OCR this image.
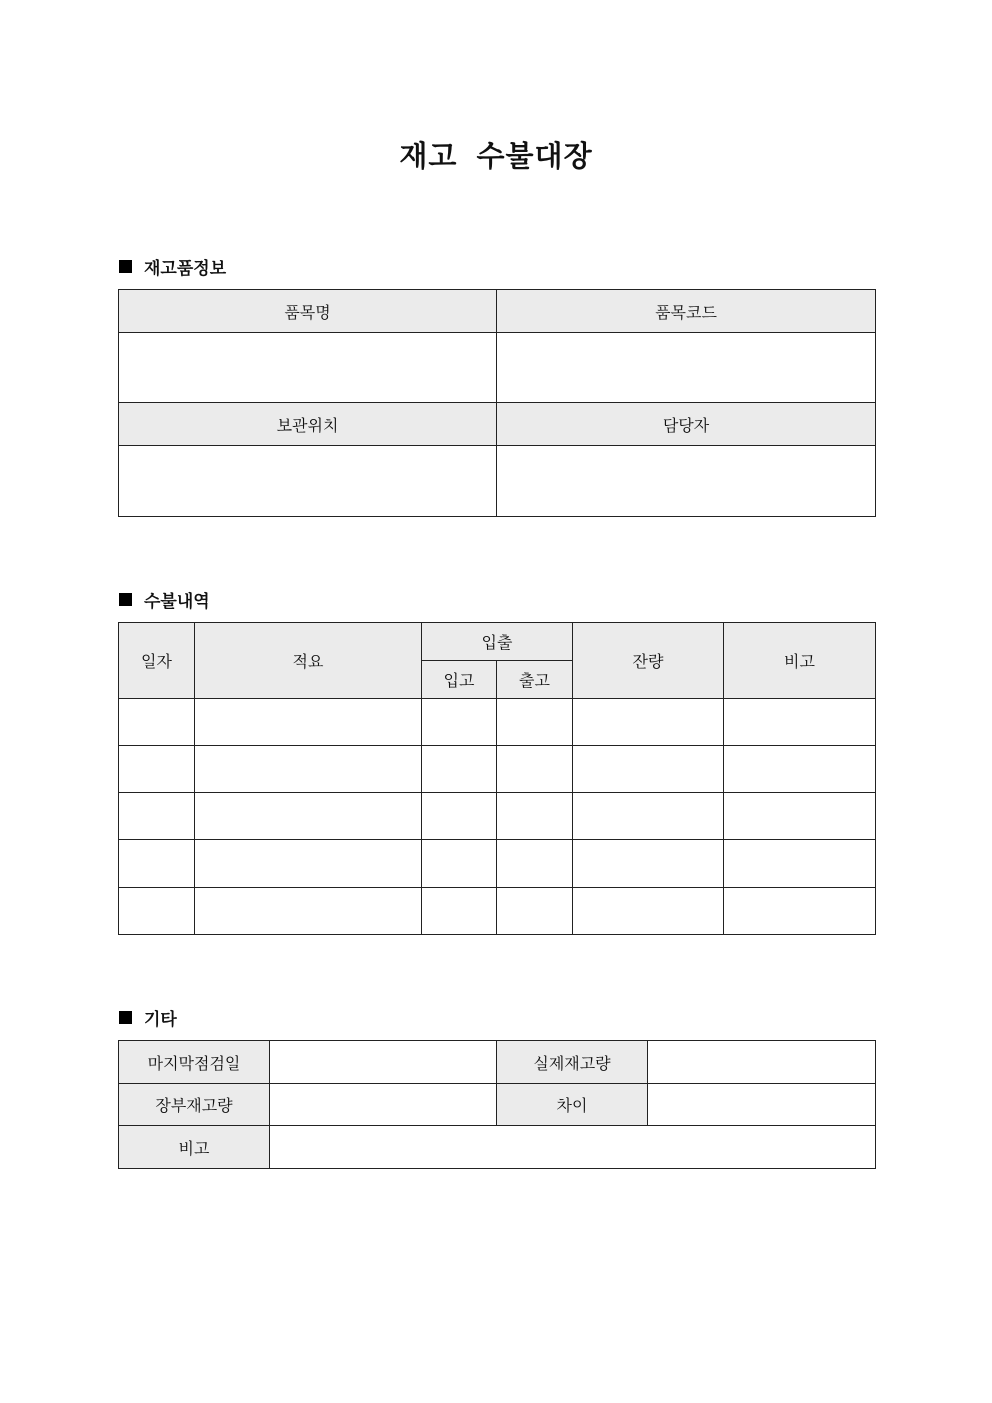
재고 수불대장
재고품정보
품목명	품목코드

보관위치	담당자

수불내역
일자	적요	입출		잔량	비고
		입고	출고		

기타
마지막점검일		실제재고량	
장부재고량		차이	
비고			
